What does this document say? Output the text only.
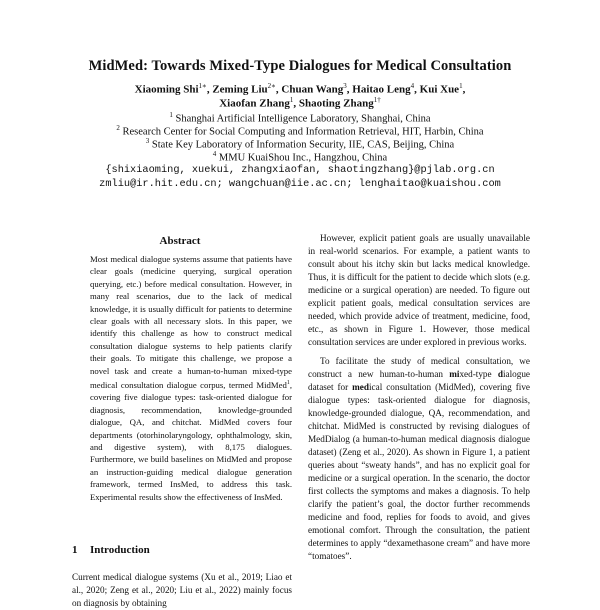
MidMed: Towards Mixed-Type Dialogues for Medical Consultation
Xiaoming Shi$^{1∗}$, Zeming Liu$^{2∗}$, Chuan Wang$^3$, Haitao Leng$^4$, Kui Xue$^1$,
Xiaofan Zhang$^1$, Shaoting Zhang$^{1\dagger}$
$^1$ Shanghai Artificial Intelligence Laboratory, Shanghai, China
$^2$ Research Center for Social Computing and Information Retrieval, HIT, Harbin, China
$^3$ State Key Laboratory of Information Security, IIE, CAS, Beijing, China
$^4$ MMU KuaiShou Inc., Hangzhou, China
{shixiaoming, xuekui, zhangxiaofan, shaotingzhang}@pjlab.org.cn
zmliu@ir.hit.edu.cn; wangchuan@iie.ac.cn; lenghaitao@kuaishou.com
Abstract

Most medical dialogue systems assume that patients have clear goals (medicine querying, surgical operation querying, etc.) before medical consultation. However, in many real scenarios, due to the lack of medical knowledge, it is usually difficult for patients to determine clear goals with all necessary slots. In this paper, we identify this challenge as how to construct medical consultation dialogue systems to help patients clarify their goals. To mitigate this challenge, we propose a novel task and create a human-to-human mixed-type medical consultation dialogue corpus, termed MidMed$^1$, covering five dialogue types: task-oriented dialogue for diagnosis, recommendation, knowledge-grounded dialogue, QA, and chitchat. MidMed covers four departments (otorhinolaryngology, ophthalmology, skin, and digestive system), with 8,175 dialogues. Furthermore, we build baselines on MidMed and propose an instruction-guiding medical dialogue generation framework, termed InsMed, to address this task. Experimental results show the effectiveness of InsMed.

1 Introduction

Current medical dialogue systems (Xu et al., 2019; Liao et al., 2020; Zeng et al., 2020; Liu et al., 2022) mainly focus on diagnosis by obtaining

However, explicit patient goals are usually unavailable in real-world scenarios. For example, a patient wants to consult about his itchy skin but lacks medical knowledge. Thus, it is difficult for the patient to decide which slots (e.g. medicine or a surgical operation) are needed. To figure out explicit patient goals, medical consultation services are needed, which provide advice of treatment, medicine, food, etc., as shown in Figure 1. However, those medical consultation services are under explored in previous works.

To facilitate the study of medical consultation, we construct a new human-to-human mixed-type dialogue dataset for medical consultation (MidMed), covering five dialogue types: task-oriented dialogue for diagnosis, knowledge-grounded dialogue, QA, recommendation, and chitchat. MidMed is constructed by revising dialogues of MedDialog (a human-to-human medical diagnosis dialogue dataset) (Zeng et al., 2020). As shown in Figure 1, a patient queries about “sweaty hands”, and has no explicit goal for medicine or a surgical operation. In the scenario, the doctor first collects the symptoms and makes a diagnosis. To help clarify the patient’s goal, the doctor further recommends medicine and food, replies for foods to avoid, and gives emotional comfort. Through the consultation, the patient determines to apply “dexamethasone cream” and have more “tomatoes”.
